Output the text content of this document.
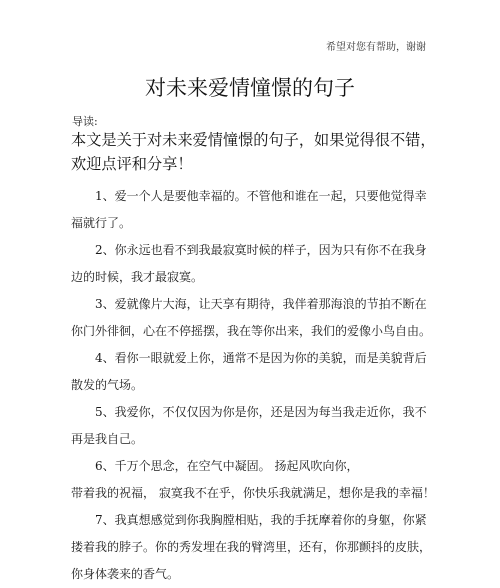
希望对您有帮助，谢谢
对未来爱情憧憬的句子
导读:
本文是关于对未来爱情憧憬的句子，如果觉得很不错，
欢迎点评和分享！
1、爱一个人是要他幸福的。不管他和谁在一起，只要他觉得幸
福就行了。
2、你永远也看不到我最寂寞时候的样子，因为只有你不在我身
边的时候，我才最寂寞。
3、爱就像片大海，让天享有期待，我伴着那海浪的节拍不断在
你门外徘徊，心在不停摇摆，我在等你出来，我们的爱像小鸟自由。
4、看你一眼就爱上你，通常不是因为你的美貌，而是美貌背后
散发的气场。
5、我爱你，不仅仅因为你是你，还是因为每当我走近你，我不
再是我自己。
6、千万个思念，在空气中凝固。 扬起风吹向你，
带着我的祝福， 寂寞我不在乎，你快乐我就满足，想你是我的幸福！
7、我真想感觉到你我胸膛相贴，我的手抚摩着你的身躯，你紧
搂着我的脖子。你的秀发埋在我的臂湾里，还有，你那颤抖的皮肤，
你身体袭来的香气。
